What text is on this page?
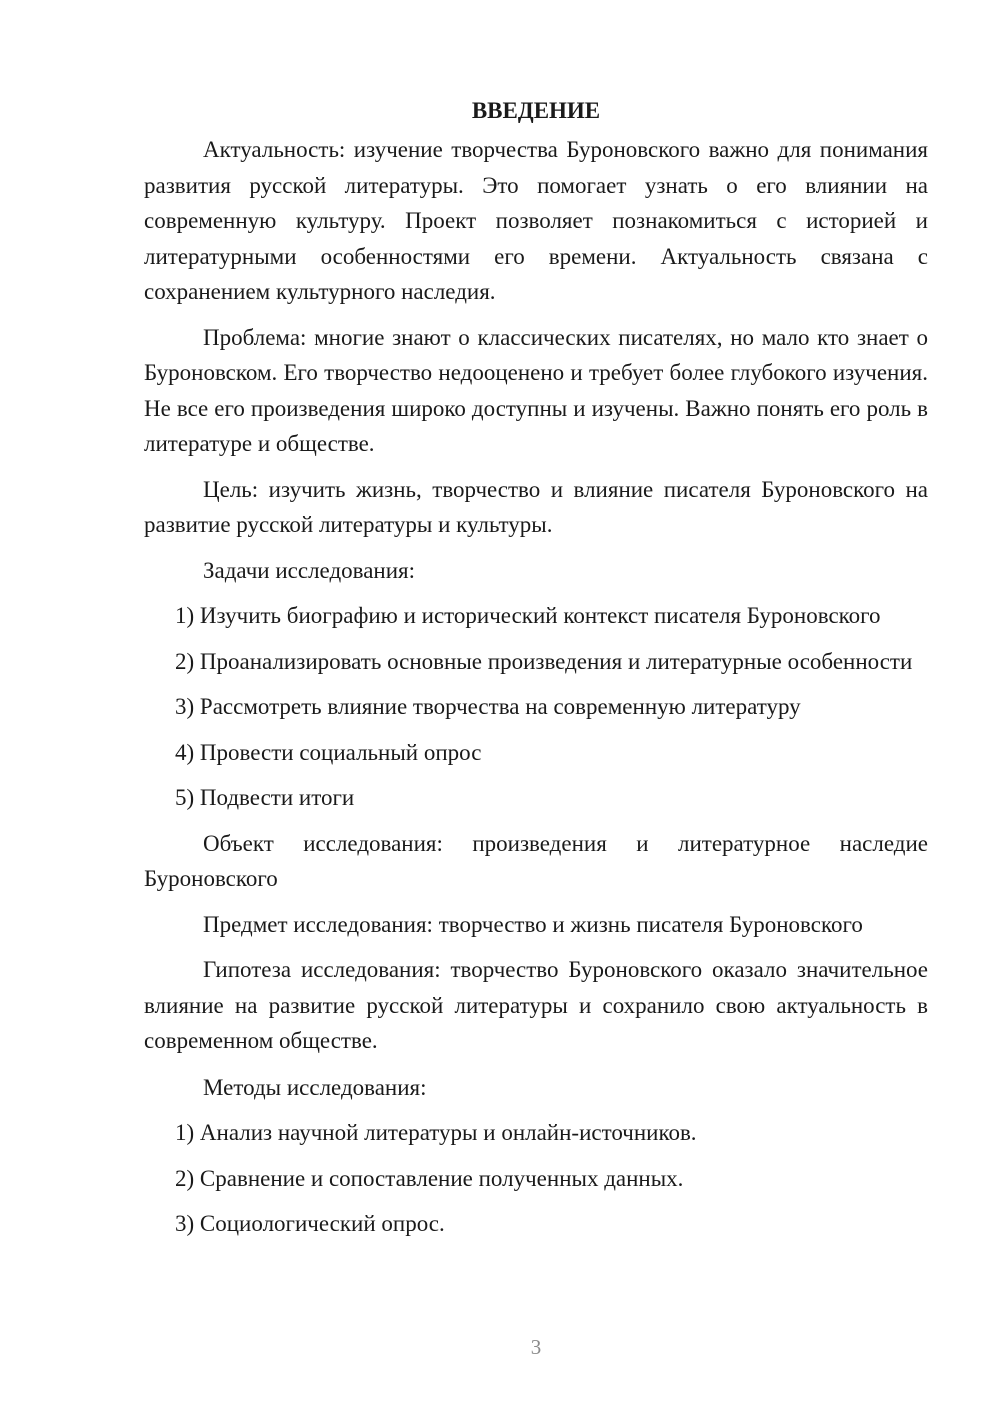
ВВЕДЕНИЕ

Актуальность: изучение творчества Буроновского важно для понимания развития русской литературы. Это помогает узнать о его влиянии на современную культуру. Проект позволяет познакомиться с историей и литературными особенностями его времени. Актуальность связана с сохранением культурного наследия.

Проблема: многие знают о классических писателях, но мало кто знает о Буроновском. Его творчество недооценено и требует более глубокого изучения. Не все его произведения широко доступны и изучены. Важно понять его роль в литературе и обществе.

Цель: изучить жизнь, творчество и влияние писателя Буроновского на развитие русской литературы и культуры.

Задачи исследования:

1) Изучить биографию и исторический контекст писателя Буроновского

2) Проанализировать основные произведения и литературные особенности

3) Рассмотреть влияние творчества на современную литературу

4) Провести социальный опрос

5) Подвести итоги

Объект исследования: произведения и литературное наследие Буроновского

Предмет исследования: творчество и жизнь писателя Буроновского

Гипотеза исследования: творчество Буроновского оказало значительное влияние на развитие русской литературы и сохранило свою актуальность в современном обществе.

Методы исследования:

1) Анализ научной литературы и онлайн-источников.

2) Сравнение и сопоставление полученных данных.

3) Социологический опрос.

3
